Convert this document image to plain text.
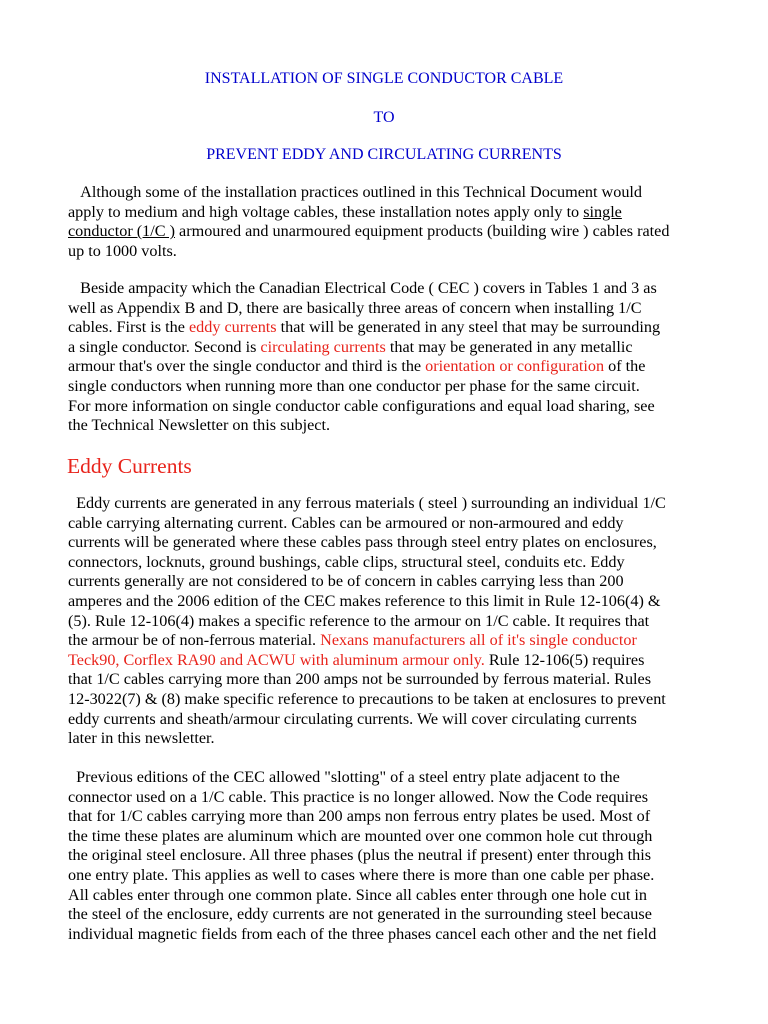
INSTALLATION OF SINGLE CONDUCTOR CABLE

TO

PREVENT EDDY AND CIRCULATING CURRENTS

Although some of the installation practices outlined in this Technical Document would
apply to medium and high voltage cables, these installation notes apply only to single
conductor (1/C ) armoured and unarmoured equipment products (building wire ) cables rated
up to 1000 volts.
Beside ampacity which the Canadian Electrical Code ( CEC ) covers in Tables 1 and 3 as
well as Appendix B and D, there are basically three areas of concern when installing 1/C
cables. First is the eddy currents that will be generated in any steel that may be surrounding
a single conductor. Second is circulating currents that may be generated in any metallic
armour that's over the single conductor and third is the orientation or configuration of the
single conductors when running more than one conductor per phase for the same circuit.
For more information on single conductor cable configurations and equal load sharing, see
the Technical Newsletter on this subject.
Eddy Currents
Eddy currents are generated in any ferrous materials ( steel ) surrounding an individual 1/C
cable carrying alternating current. Cables can be armoured or non-armoured and eddy
currents will be generated where these cables pass through steel entry plates on enclosures,
connectors, locknuts, ground bushings, cable clips, structural steel, conduits etc. Eddy
currents generally are not considered to be of concern in cables carrying less than 200
amperes and the 2006 edition of the CEC makes reference to this limit in Rule 12-106(4) &
(5). Rule 12-106(4) makes a specific reference to the armour on 1/C cable. It requires that
the armour be of non-ferrous material. Nexans manufacturers all of it's single conductor
Teck90, Corflex RA90 and ACWU with aluminum armour only. Rule 12-106(5) requires
that 1/C cables carrying more than 200 amps not be surrounded by ferrous material. Rules
12-3022(7) & (8) make specific reference to precautions to be taken at enclosures to prevent
eddy currents and sheath/armour circulating currents. We will cover circulating currents
later in this newsletter.
Previous editions of the CEC allowed "slotting" of a steel entry plate adjacent to the
connector used on a 1/C cable. This practice is no longer allowed. Now the Code requires
that for 1/C cables carrying more than 200 amps non ferrous entry plates be used. Most of
the time these plates are aluminum which are mounted over one common hole cut through
the original steel enclosure. All three phases (plus the neutral if present) enter through this
one entry plate. This applies as well to cases where there is more than one cable per phase.
All cables enter through one common plate. Since all cables enter through one hole cut in
the steel of the enclosure, eddy currents are not generated in the surrounding steel because
individual magnetic fields from each of the three phases cancel each other and the net field
